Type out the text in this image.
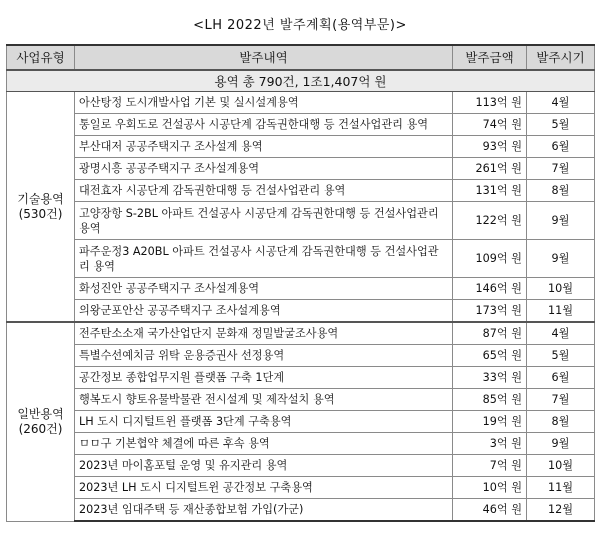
<LH 2022년 발주계획(용역부문)>
사업유형	발주내역	발주금액	발주시기
용역 총 790건, 1조1,407억 원			

기술용역
(530건)	아산탕정 도시개발사업 기본 및 실시설계용역	113억 원	4월
	통일로 우회도로 건설공사 시공단계 감독권한대행 등 건설사업관리 용역	74억 원	5월
	부산대저 공공주택지구 조사설계 용역	93억 원	6월
	광명시흥 공공주택지구 조사설계용역	261억 원	7월
	대전효자 시공단계 감독권한대행 등 건설사업관리 용역	131억 원	8월
	고양장항 S-2BL 아파트 건설공사 시공단계 감독권한대행 등 건설사업관리 용역	122억 원	9월
	파주운정3 A20BL 아파트 건설공사 시공단계 감독권한대행 등 건설사업관리 용역	109억 원	9월
	화성진안 공공주택지구 조사설계용역	146억 원	10월
	의왕군포안산 공공주택지구 조사설계용역	173억 원	11월

일반용역
(260건)	전주탄소소재 국가산업단지 문화재 정밀발굴조사용역	87억 원	4월
	특별수선예치금 위탁 운용증권사 선정용역	65억 원	5월
	공간정보 종합업무지원 플랫폼 구축 1단계	33억 원	6월
	행복도시 향토유물박물관 전시설계 및 제작설치 용역	85억 원	7월
	LH 도시 디지털트윈 플랫폼 3단계 구축용역	19억 원	8월
	ㅁㅁ구 기본협약 체결에 따른 후속 용역	3억 원	9월
	2023년 마이홈포털 운영 및 유지관리 용역	7억 원	10월
	2023년 LH 도시 디지털트윈 공간정보 구축용역	10억 원	11월
	2023년 임대주택 등 재산종합보험 가입(가군)	46억 원	12월
